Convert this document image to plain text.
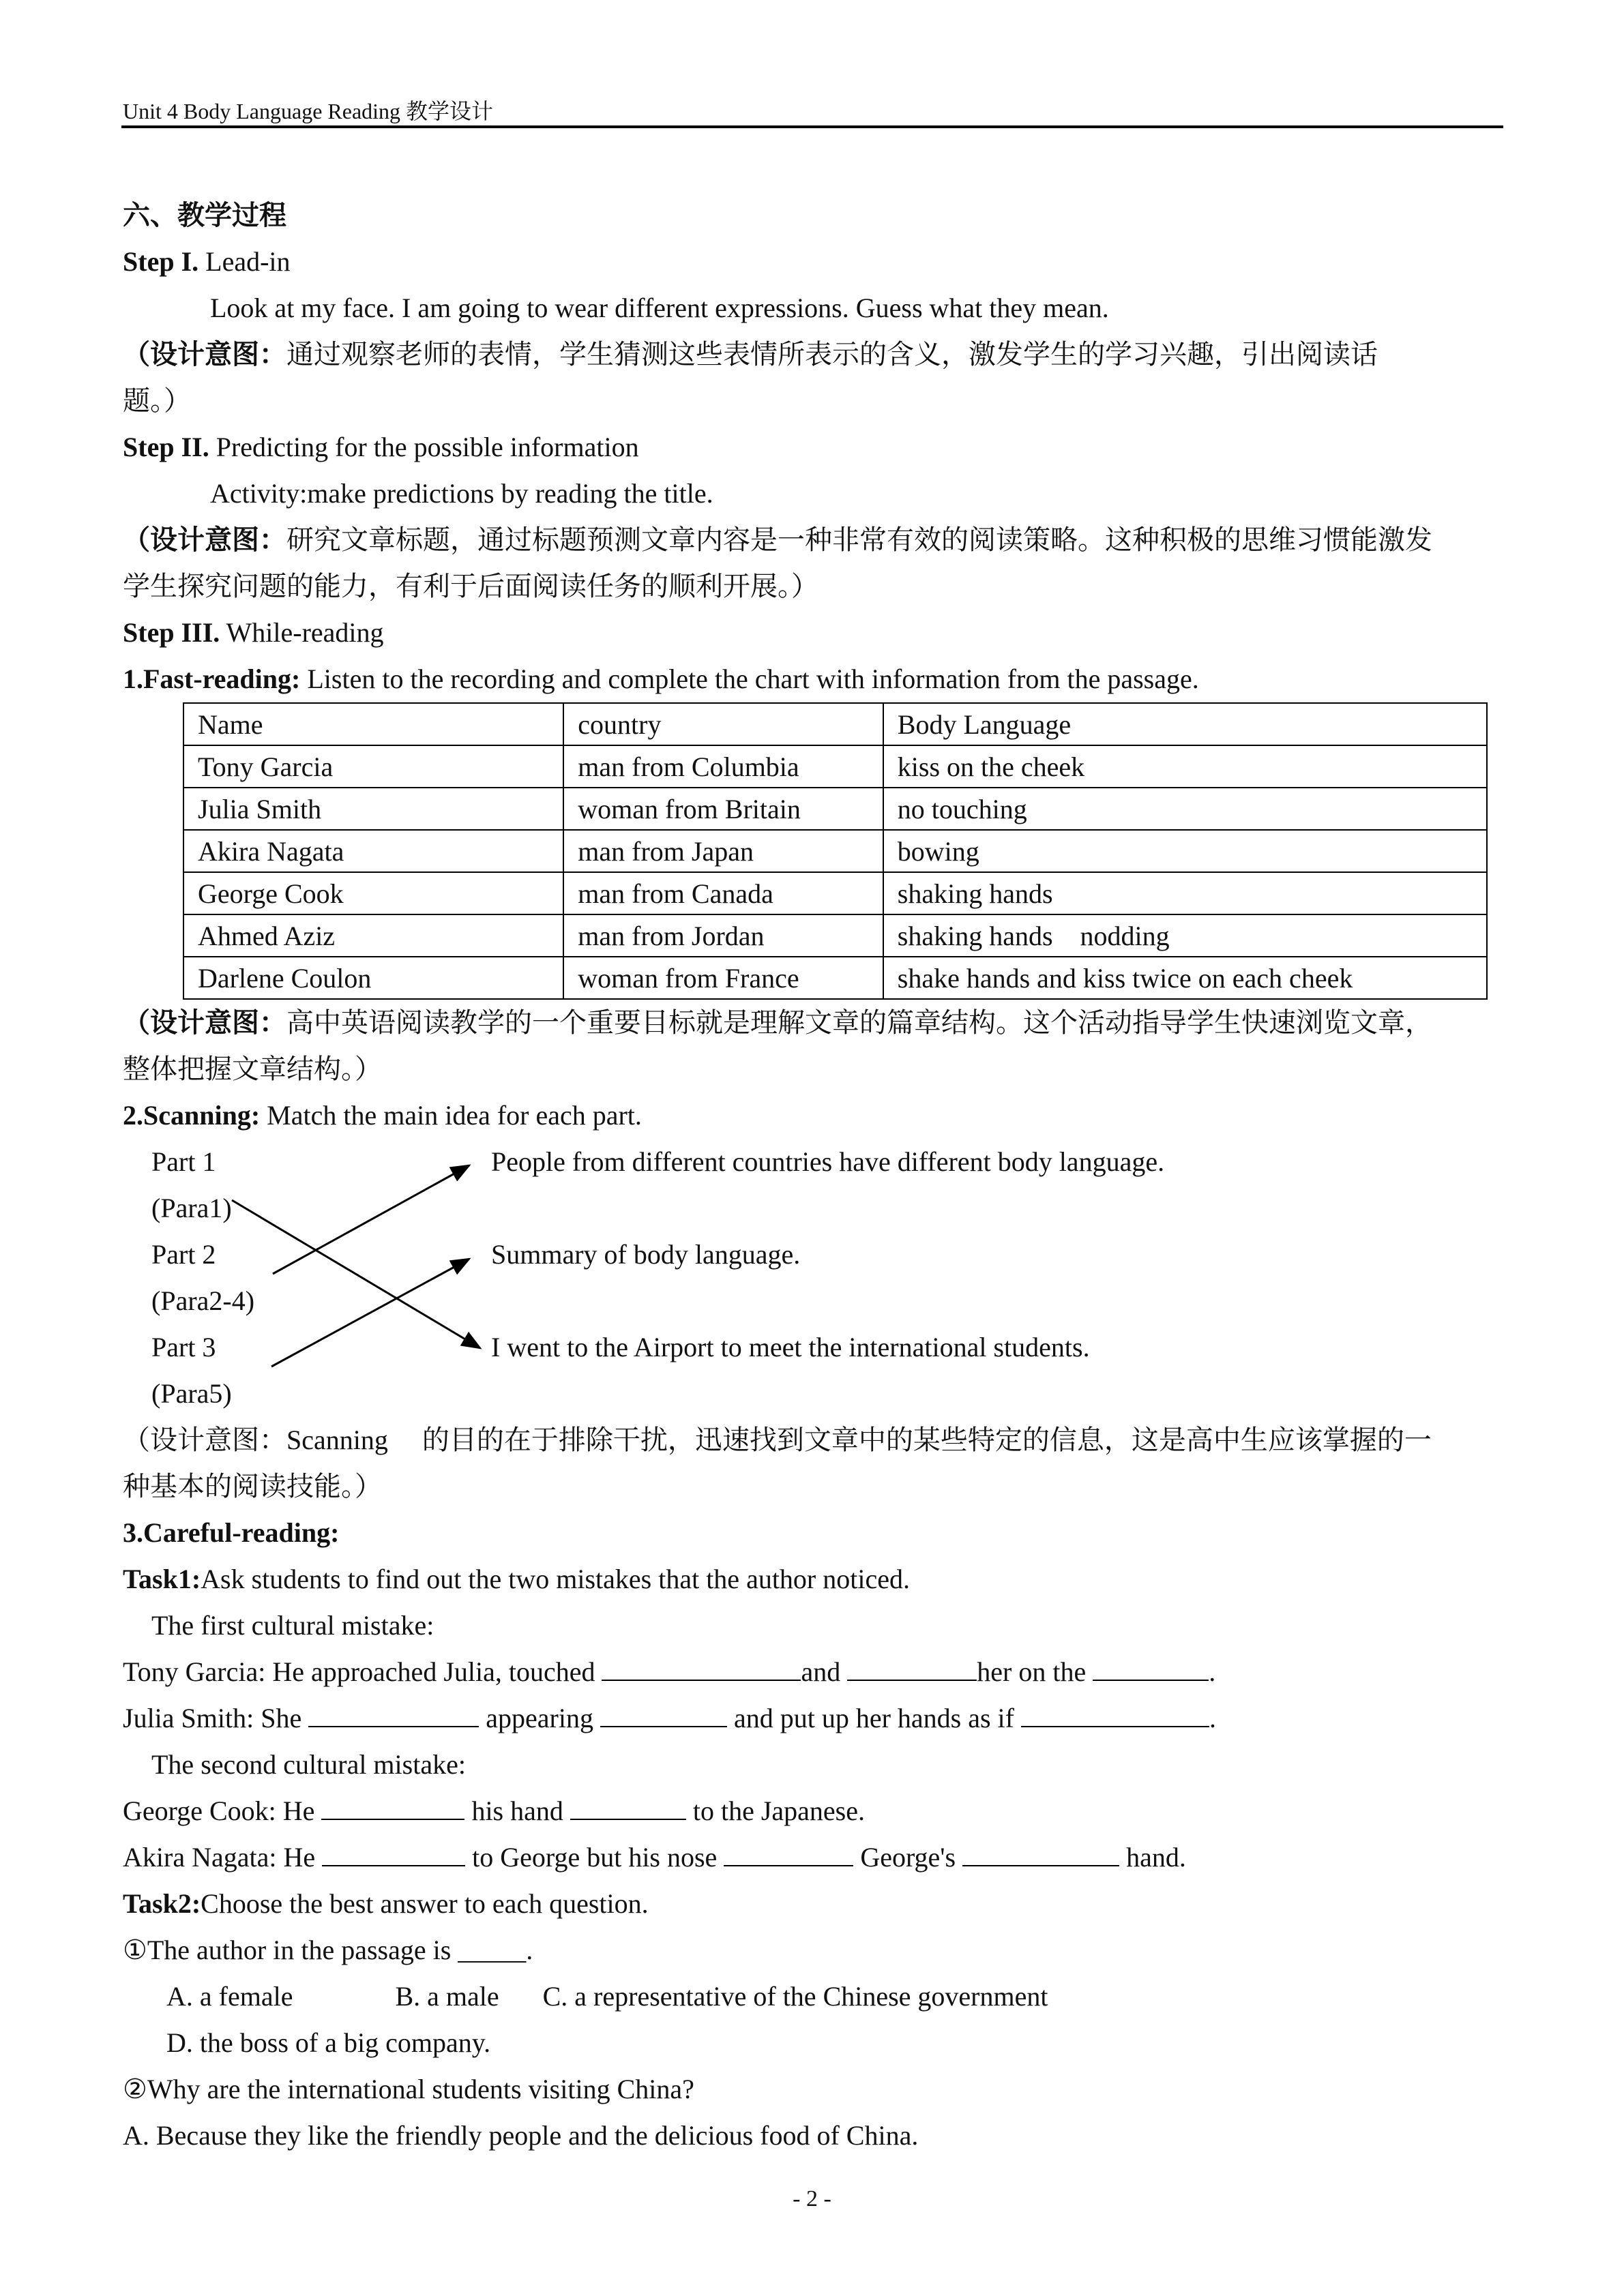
Unit 4 Body Language Reading 教学设计
六、教学过程
Step I. Lead-in
Look at my face. I am going to wear different expressions. Guess what they mean.
（设计意图：通过观察老师的表情，学生猜测这些表情所表示的含义，激发学生的学习兴趣，引出阅读话
题。）
Step II. Predicting for the possible information
Activity:make predictions by reading the title.
（设计意图：研究文章标题，通过标题预测文章内容是一种非常有效的阅读策略。这种积极的思维习惯能激发
学生探究问题的能力，有利于后面阅读任务的顺利开展。）
Step III. While-reading
1.Fast-reading: Listen to the recording and complete the chart with information from the passage.
Name	country	Body Language
Tony Garcia	man from Columbia	kiss on the cheek
Julia Smith	woman from Britain	no touching
Akira Nagata	man from Japan	bowing
George Cook	man from Canada	shaking hands
Ahmed Aziz	man from Jordan	shaking hands    nodding
Darlene Coulon	woman from France	shake hands and kiss twice on each cheek
（设计意图：高中英语阅读教学的一个重要目标就是理解文章的篇章结构。这个活动指导学生快速浏览文章，
整体把握文章结构。）
2.Scanning: Match the main idea for each part.
Part 1
(Para1)
Part 2
(Para2-4)
Part 3
(Para5)
People from different countries have different body language.
Summary of body language.
I went to the Airport to meet the international students.
（设计意图：Scanning　 的目的在于排除干扰，迅速找到文章中的某些特定的信息，这是高中生应该掌握的一
种基本的阅读技能。）
3.Careful-reading:
Task1:Ask students to find out the two mistakes that the author noticed.
The first cultural mistake:
Tony Garcia: He approached Julia, touched	and	her on the	.
Julia Smith: She	appearing	and put up her hands as if	.
The second cultural mistake:
George Cook: He	his hand	to the Japanese.
Akira Nagata: He	to George but his nose	George's	hand.
Task2:Choose the best answer to each question.
①The author in the passage is _____.
A. a female	B. a male C. a representative of the Chinese government
D. the boss of a big company.
②Why are the international students visiting China?
A. Because they like the friendly people and the delicious food of China.
- 2 -
